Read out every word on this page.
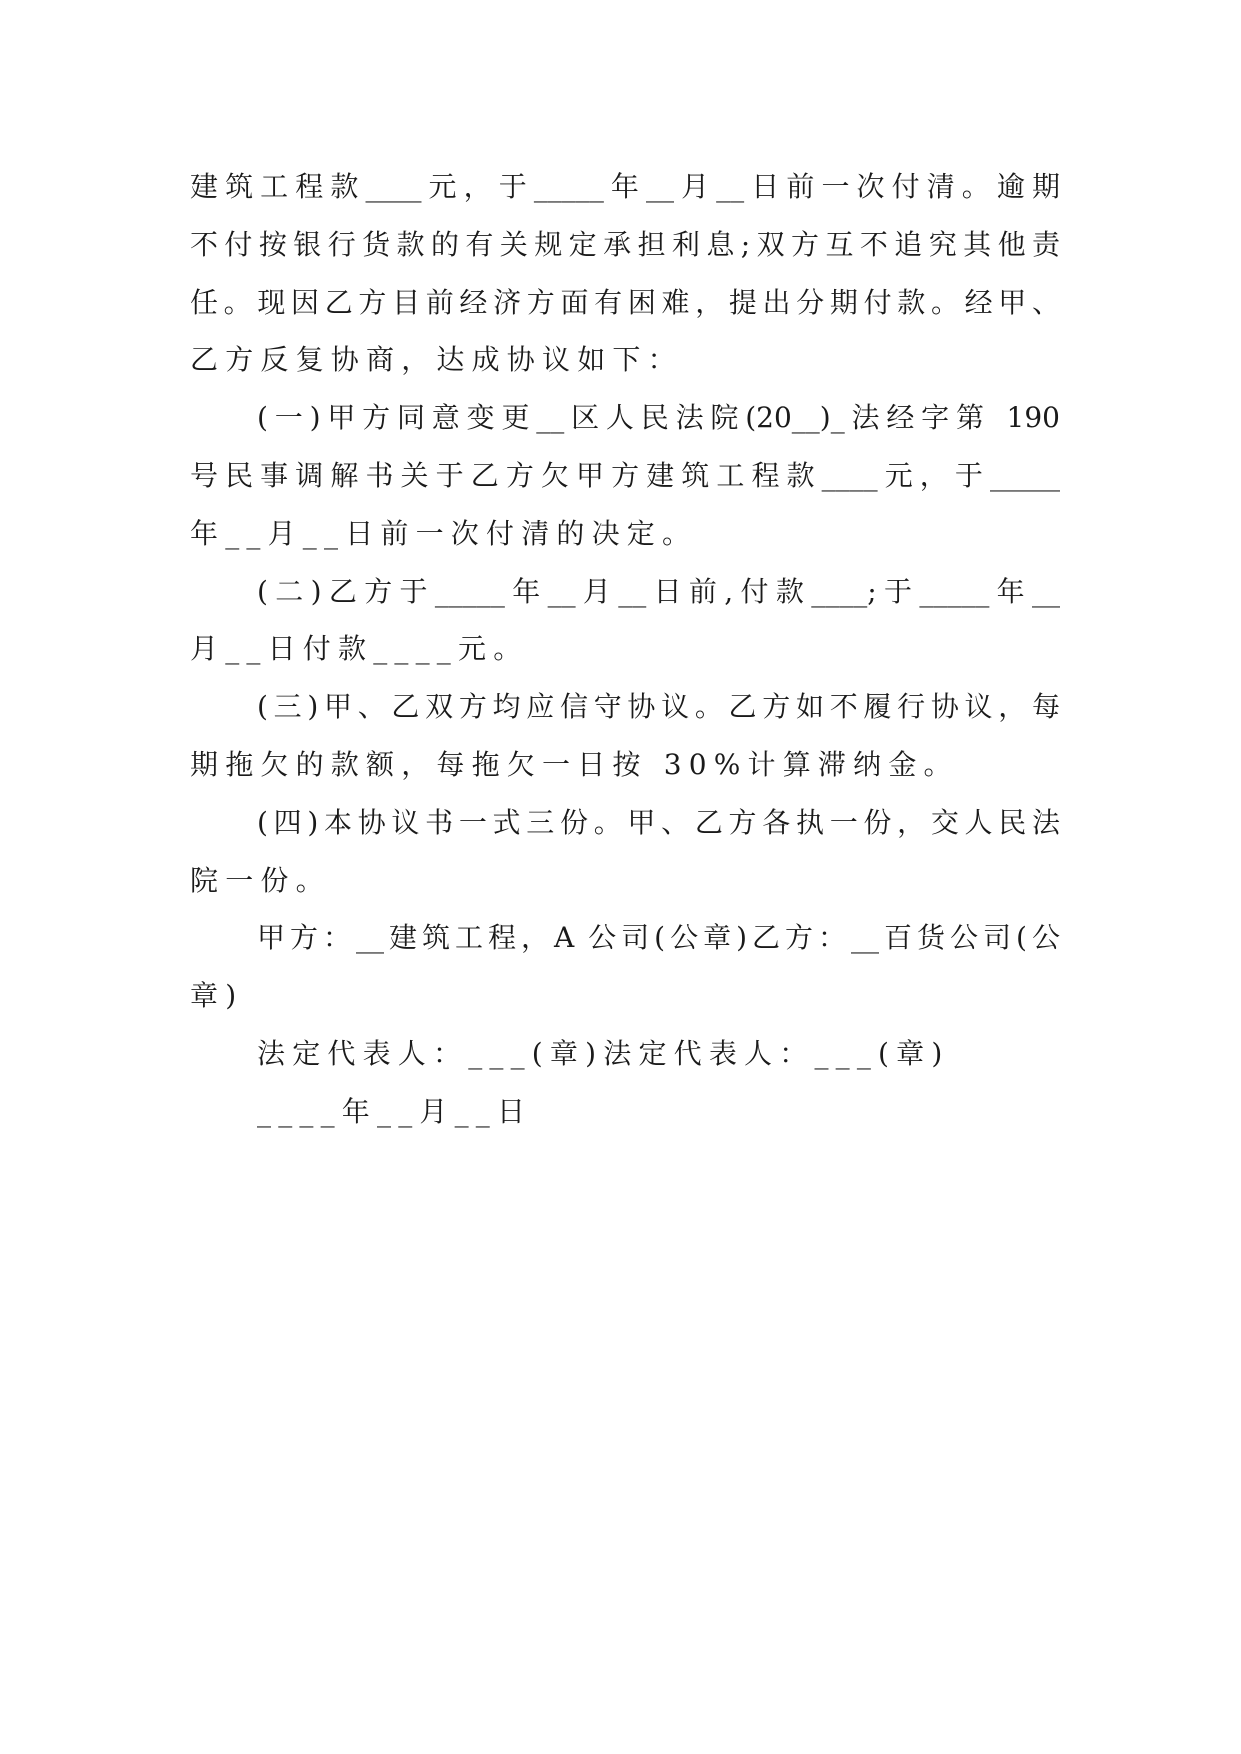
建筑工程款____元，于_____年__月__日前一次付清。逾期
不付按银行货款的有关规定承担利息;双方互不追究其他责
任。现因乙方目前经济方面有困难，提出分期付款。经甲、
乙方反复协商，达成协议如下：
(一)甲方同意变更__区人民法院(20__)_法经字第 190
号民事调解书关于乙方欠甲方建筑工程款____元，于_____
年__月__日前一次付清的决定。
(二)乙方于_____年__月__日前,付款____;于_____年__
月__日付款____元。
(三)甲、乙双方均应信守协议。乙方如不履行协议，每
期拖欠的款额，每拖欠一日按 30%计算滞纳金。
(四)本协议书一式三份。甲、乙方各执一份，交人民法
院一份。
甲方：__建筑工程，A 公司(公章)乙方：__百货公司(公
章)
法定代表人：___(章)法定代表人：___(章)
____年__月__日
